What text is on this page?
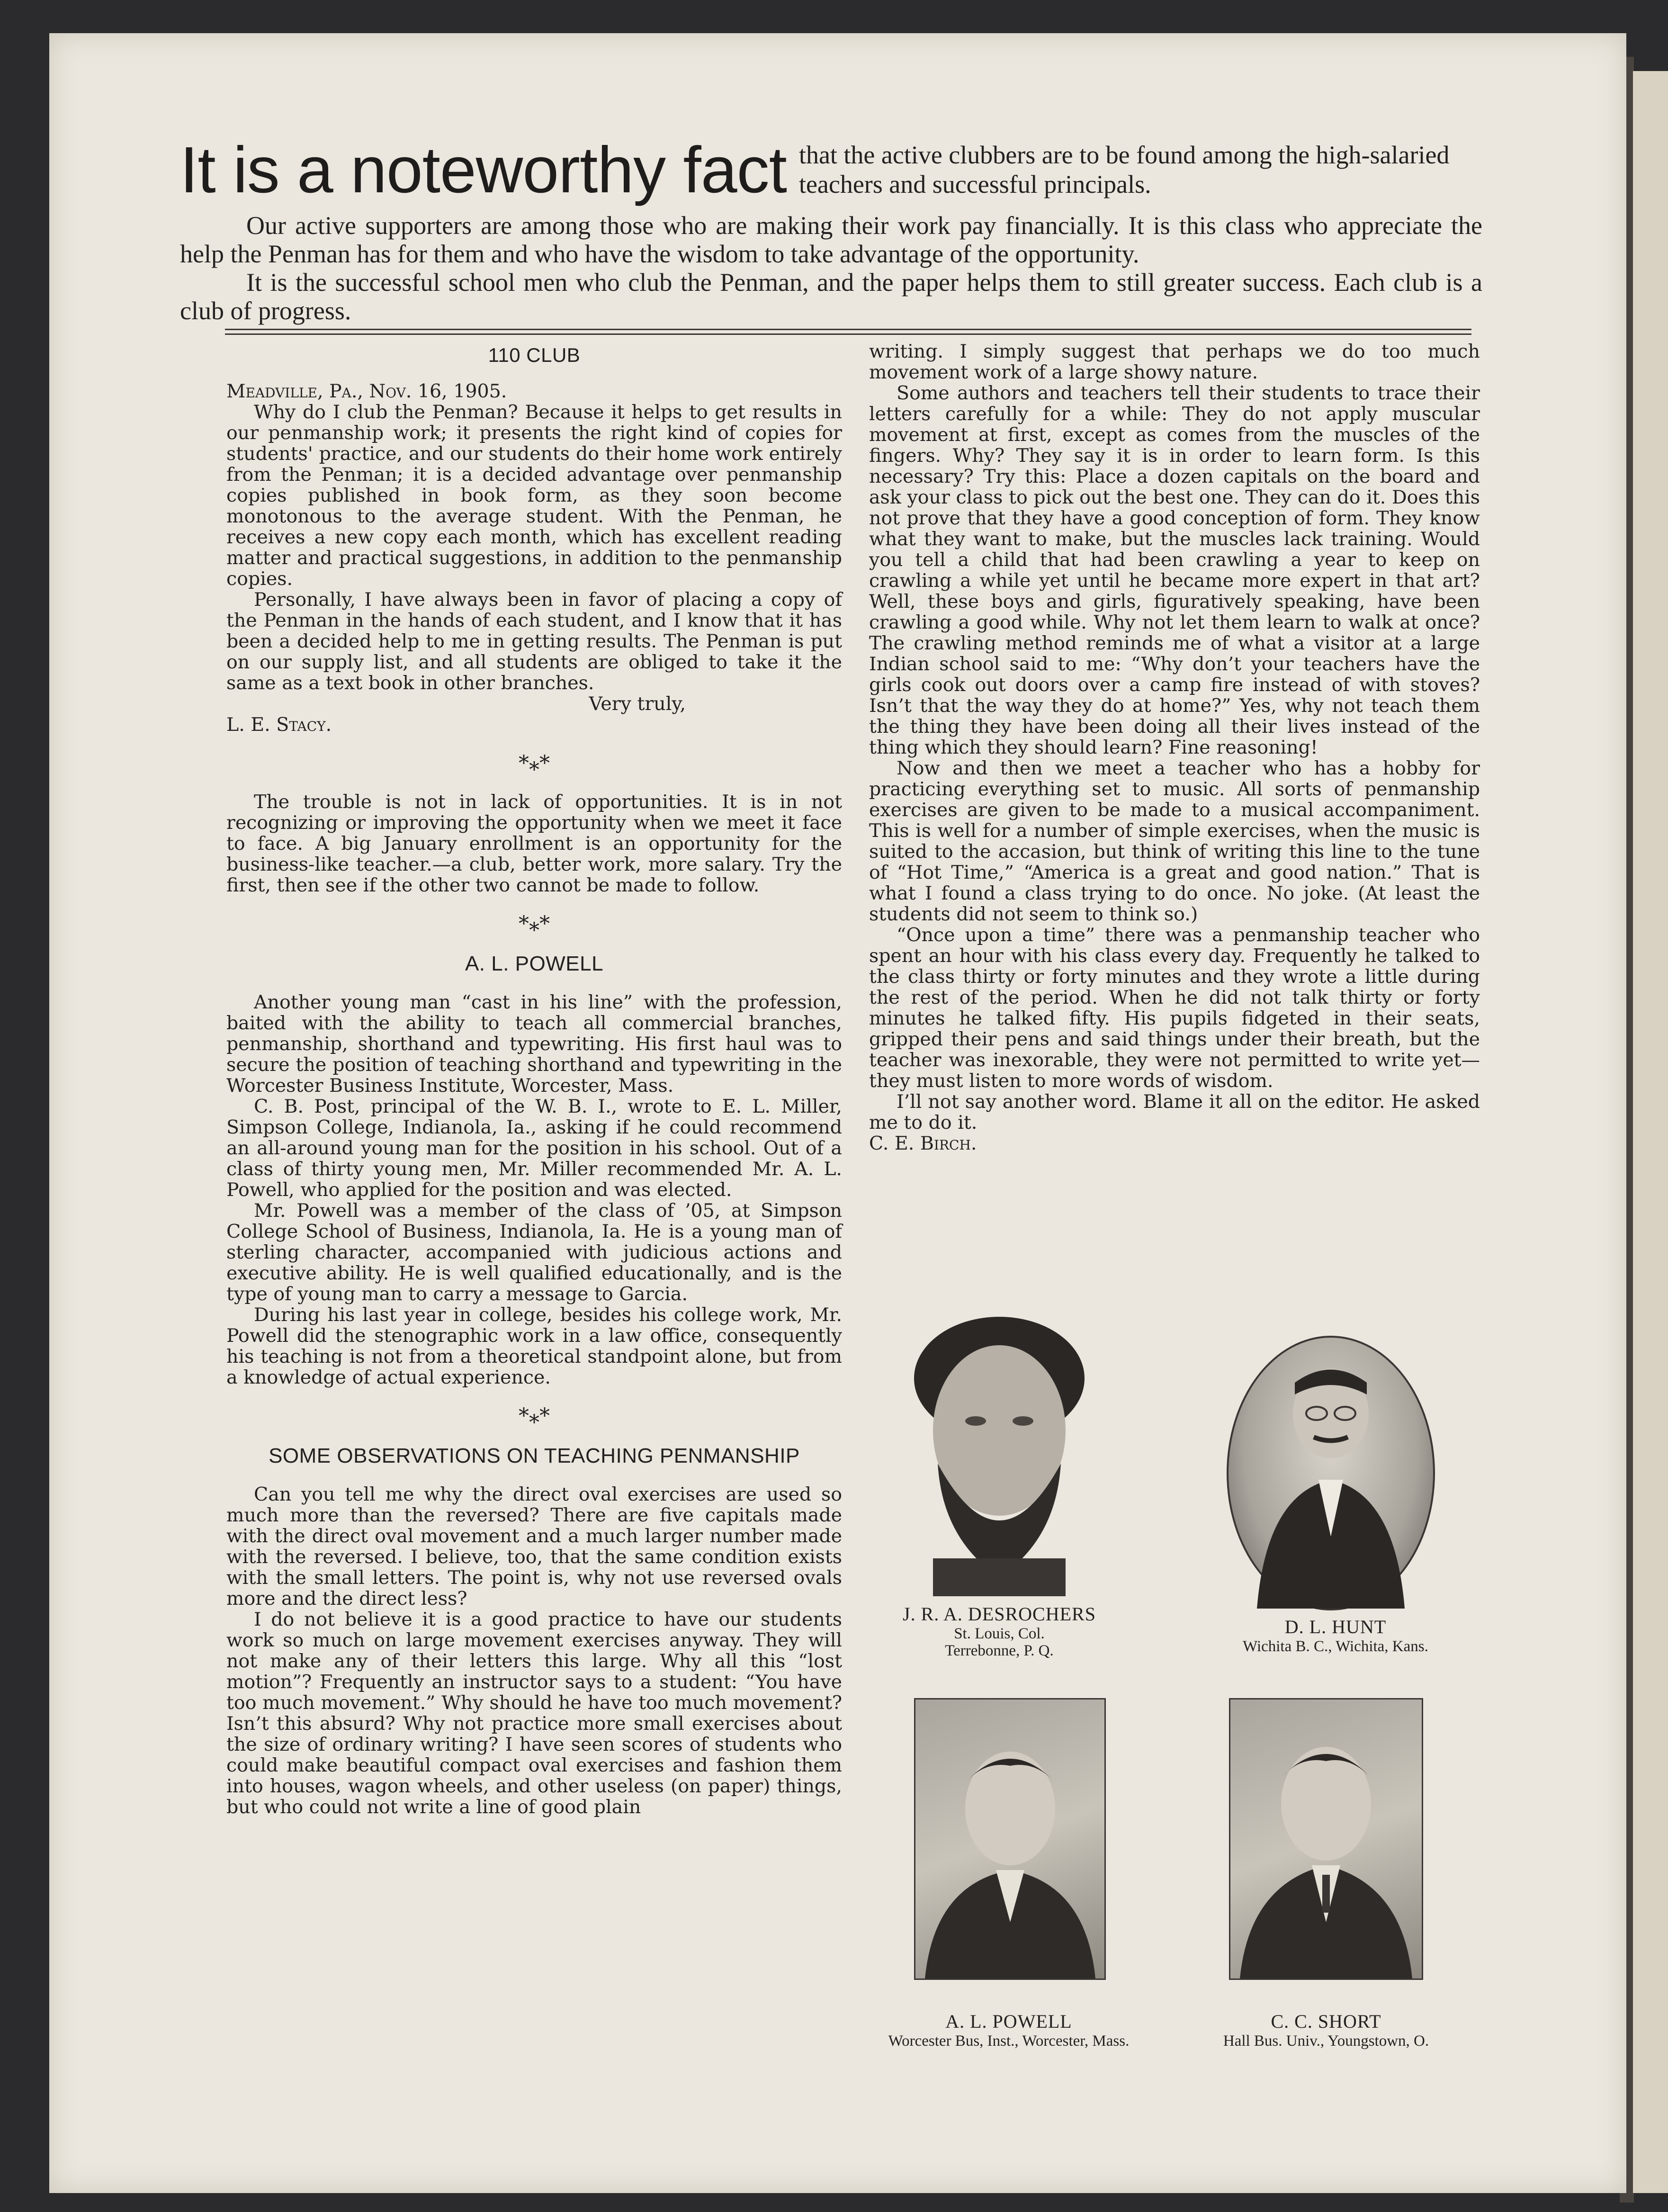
It is a noteworthy fact that the active clubbers are to be found among the high-salaried teachers and successful principals.

Our active supporters are among those who are making their work pay financially. It is this class who appreciate the help the Penman has for them and who have the wisdom to take advantage of the opportunity.

It is the successful school men who club the Penman, and the paper helps them to still greater success. Each club is a club of progress.

110 CLUB

Meadville, Pa., Nov. 16, 1905.

Why do I club the Penman? Because it helps to get results in our penmanship work; it presents the right kind of copies for students' practice, and our students do their home work entirely from the Penman; it is a decided advantage over penmanship copies published in book form, as they soon become monotonous to the average student. With the Penman, he receives a new copy each month, which has excellent reading matter and practical suggestions, in addition to the penmanship copies.

Personally, I have always been in favor of placing a copy of the Penman in the hands of each student, and I know that it has been a decided help to me in getting results. The Penman is put on our supply list, and all students are obliged to take it the same as a text book in other branches.

Very truly,

L. E. Stacy.

*⁎*

The trouble is not in lack of opportunities. It is in not recognizing or improving the opportunity when we meet it face to face. A big January enrollment is an opportunity for the business-like teacher.—a club, better work, more salary. Try the first, then see if the other two cannot be made to follow.

*⁎*
A. L. POWELL

Another young man “cast in his line” with the profession, baited with the ability to teach all commercial branches, penmanship, shorthand and typewriting. His first haul was to secure the position of teaching shorthand and typewriting in the Worcester Business Institute, Worcester, Mass.

C. B. Post, principal of the W. B. I., wrote to E. L. Miller, Simpson College, Indianola, Ia., asking if he could recommend an all-around young man for the position in his school. Out of a class of thirty young men, Mr. Miller recommended Mr. A. L. Powell, who applied for the position and was elected.

Mr. Powell was a member of the class of ’05, at Simpson College School of Business, Indianola, Ia. He is a young man of sterling character, accompanied with judicious actions and executive ability. He is well qualified educationally, and is the type of young man to carry a message to Garcia.

During his last year in college, besides his college work, Mr. Powell did the stenographic work in a law office, consequently his teaching is not from a theoretical standpoint alone, but from a knowledge of actual experience.

*⁎*
SOME OBSERVATIONS ON TEACHING PENMANSHIP

Can you tell me why the direct oval exercises are used so much more than the reversed? There are five capitals made with the direct oval movement and a much larger number made with the reversed. I believe, too, that the same condition exists with the small letters. The point is, why not use reversed ovals more and the direct less?

I do not believe it is a good practice to have our students work so much on large movement exercises anyway. They will not make any of their letters this large. Why all this “lost motion”? Frequently an instructor says to a student: “You have too much movement.” Why should he have too much movement? Isn’t this absurd? Why not practice more small exercises about the size of ordinary writing? I have seen scores of students who could make beautiful compact oval exercises and fashion them into houses, wagon wheels, and other useless (on paper) things, but who could not write a line of good plain

writing. I simply suggest that perhaps we do too much movement work of a large showy nature.

Some authors and teachers tell their students to trace their letters carefully for a while: They do not apply muscular movement at first, except as comes from the muscles of the fingers. Why? They say it is in order to learn form. Is this necessary? Try this: Place a dozen capitals on the board and ask your class to pick out the best one. They can do it. Does this not prove that they have a good conception of form. They know what they want to make, but the muscles lack training. Would you tell a child that had been crawling a year to keep on crawling a while yet until he became more expert in that art? Well, these boys and girls, figuratively speaking, have been crawling a good while. Why not let them learn to walk at once? The crawling method reminds me of what a visitor at a large Indian school said to me: “Why don’t your teachers have the girls cook out doors over a camp fire instead of with stoves? Isn’t that the way they do at home?” Yes, why not teach them the thing they have been doing all their lives instead of the thing which they should learn? Fine reasoning!

Now and then we meet a teacher who has a hobby for practicing everything set to music. All sorts of penmanship exercises are given to be made to a musical accompaniment. This is well for a number of simple exercises, when the music is suited to the accasion, but think of writing this line to the tune of “Hot Time,” “America is a great and good nation.” That is what I found a class trying to do once. No joke. (At least the students did not seem to think so.)

“Once upon a time” there was a penmanship teacher who spent an hour with his class every day. Frequently he talked to the class thirty or forty minutes and they wrote a little during the rest of the period. When he did not talk thirty or forty minutes he talked fifty. His pupils fidgeted in their seats, gripped their pens and said things under their breath, but the teacher was inexorable, they were not permitted to write yet—they must listen to more words of wisdom.

I’ll not say another word. Blame it all on the editor. He asked me to do it.

C. E. Birch.

J. R. A. DESROCHERS
St. Louis, Col.
Terrebonne, P. Q.
D. L. HUNT
Wichita B. C., Wichita, Kans.
A. L. POWELL
Worcester Bus, Inst., Worcester, Mass.
C. C. SHORT
Hall Bus. Univ., Youngstown, O.
